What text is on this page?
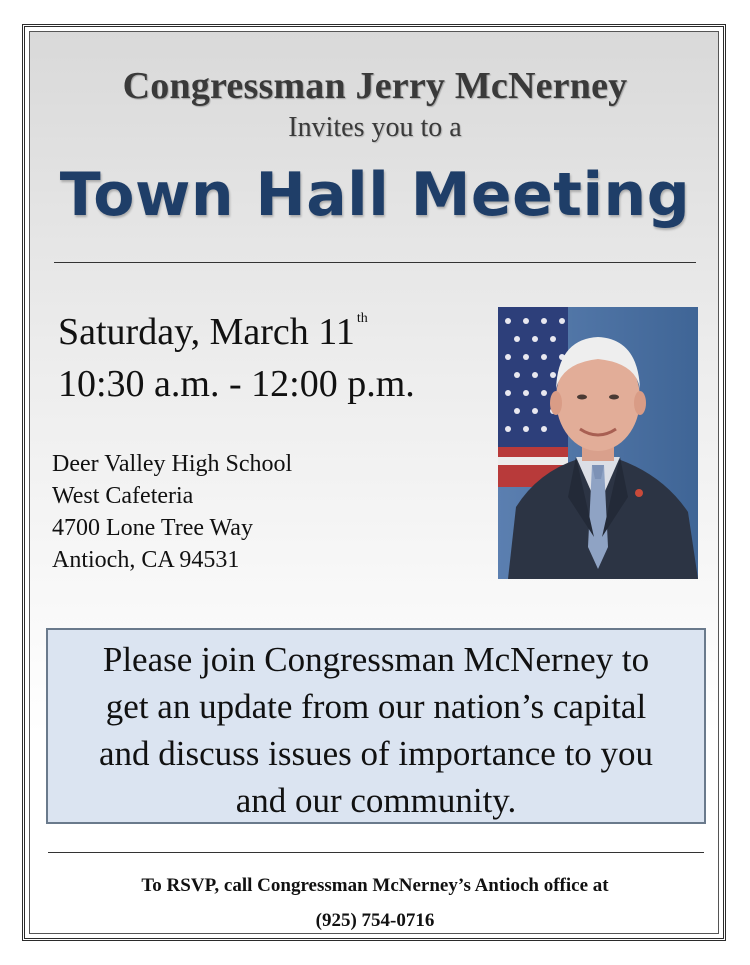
Congressman Jerry McNerney
Invites you to a
Town Hall Meeting
Saturday, March 11 $^{th}$
10:30 a.m. - 12:00 p.m.
Deer Valley High School
West Cafeteria
4700 Lone Tree Way
Antioch, CA 94531
Please join Congressman McNerney to
get an update from our nation’s capital
and discuss issues of importance to you
and our community.
To RSVP, call Congressman McNerney’s Antioch office at
(925) 754-0716
